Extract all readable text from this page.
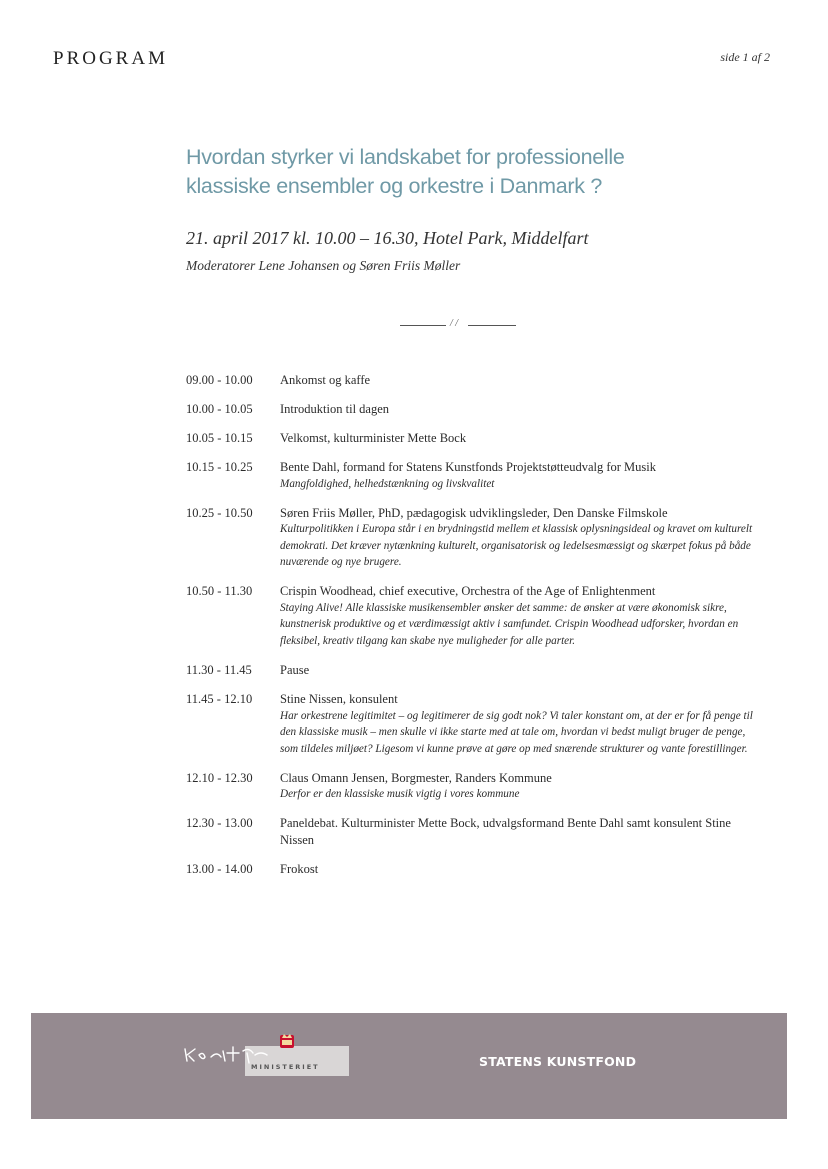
PROGRAM	side 1 af 2
Hvordan styrker vi landskabet for professionelle
klassiske ensembler og orkestre i Danmark ?
21. april 2017 kl. 10.00 – 16.30, Hotel Park, Middelfart
Moderatorer Lene Johansen og Søren Friis Møller
/ /
09.00 - 10.00	Ankomst og kaffe
10.00 - 10.05	Introduktion til dagen
10.05 - 10.15	Velkomst, kulturminister Mette Bock
10.15 - 10.25	Bente Dahl, formand for Statens Kunstfonds Projektstøtteudvalg for Musik
Mangfoldighed, helhedstænkning og livskvalitet
10.25 - 10.50	Søren Friis Møller, PhD, pædagogisk udviklingsleder, Den Danske Filmskole
Kulturpolitikken i Europa står i en brydningstid mellem et klassisk oplysningsideal og kravet om kulturelt demokrati. Det kræver nytænkning kulturelt, organisatorisk og ledelsesmæssigt og skærpet fokus på både nuværende og nye brugere.
10.50 - 11.30	Crispin Woodhead, chief executive, Orchestra of the Age of Enlightenment
Staying Alive! Alle klassiske musikensembler ønsker det samme: de ønsker at være økonomisk sikre, kunstnerisk produktive og et værdimæssigt aktiv i samfundet. Crispin Woodhead udforsker, hvordan en fleksibel, kreativ tilgang kan skabe nye muligheder for alle parter.
11.30 - 11.45	Pause
11.45 - 12.10	Stine Nissen, konsulent
Har orkestrene legitimitet – og legitimerer de sig godt nok? Vi taler konstant om, at der er for få penge til den klassiske musik – men skulle vi ikke starte med at tale om, hvordan vi bedst muligt bruger de penge, som tildeles miljøet? Ligesom vi kunne prøve at gøre op med snærende strukturer og vante forestillinger.
12.10 - 12.30	Claus Omann Jensen, Borgmester, Randers Kommune
Derfor er den klassiske musik vigtig i vores kommune
12.30 - 13.00	Paneldebat. Kulturminister Mette Bock, udvalgsformand Bente Dahl samt konsulent Stine Nissen
13.00 - 14.00	Frokost
MINISTERIET	STATENS KUNSTFOND
